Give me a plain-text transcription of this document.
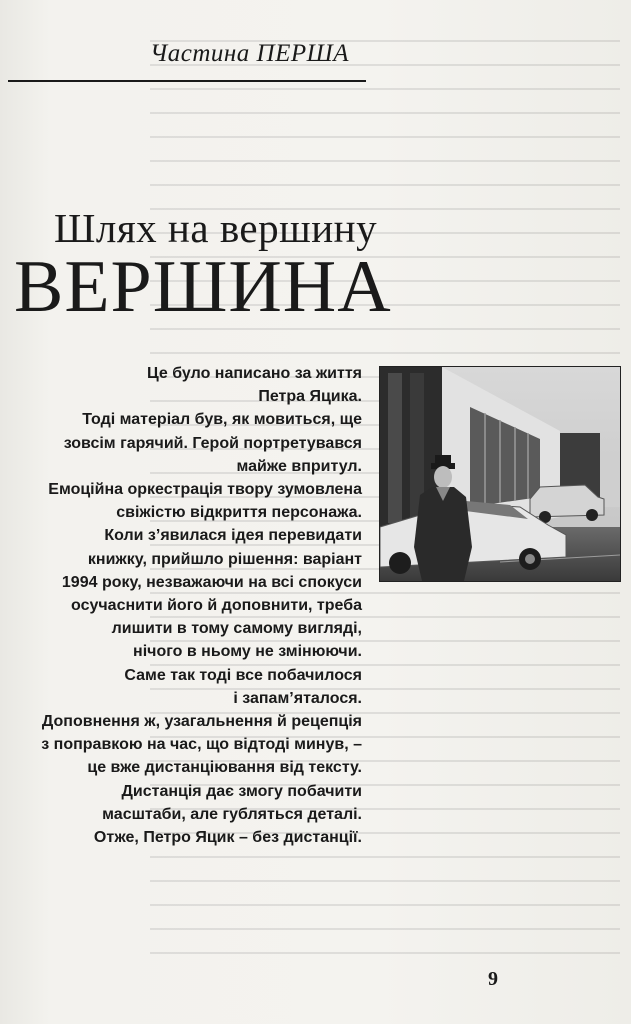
Частина ПЕРША
Шлях на вершину
ВЕРШИНА
Це було написано за життя
Петра Яцика.
Тоді матеріал був, як мовиться, ще
зовсім гарячий. Герой портретувався
майже впритул.
Емоційна оркестрація твору зумовлена
свіжістю відкриття персонажа.
Коли з’явилася ідея перевидати
книжку, прийшло рішення: варіант
1994 року, незважаючи на всі спокуси
осучаснити його й доповнити, треба
лишити в тому самому вигляді,
нічого в ньому не змінюючи.
Саме так тоді все побачилося
і запам’яталося.
Доповнення ж, узагальнення й рецепція
з поправкою на час, що відтоді минув, –
це вже дистанціювання від тексту.
Дистанція дає змогу побачити
масштаби, але губляться деталі.
Отже, Петро Яцик – без дистанції.
9
